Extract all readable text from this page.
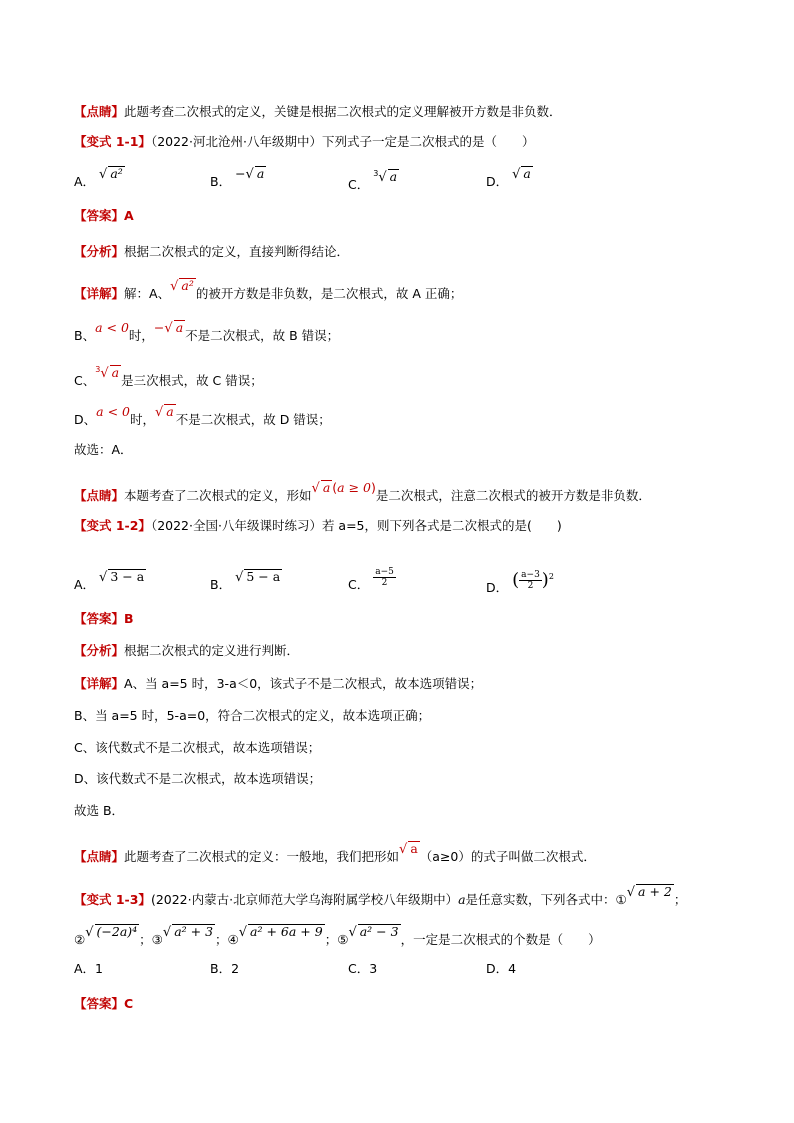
【点睛】此题考查二次根式的定义，关键是根据二次根式的定义理解被开方数是非负数．
【变式 1-1】（2022·河北沧州·八年级期中）下列式子一定是二次根式的是（　　）
A． √ a²
B． −√ a
C． $^3$√ a	D． √ a
【答案】A
【分析】根据二次根式的定义，直接判断得结论．
【详解】解：A、√ a²的被开方数是非负数，是二次根式，故 A 正确；
B、a < 0时，−√ a不是二次根式，故 B 错误；
C、$^3$√ a是三次根式，故 C 错误；
D、a < 0时，√ a不是二次根式，故 D 错误；
故选：A．
【点睛】本题考查了二次根式的定义，形如√ a (a ≥ 0)是二次根式，注意二次根式的被开方数是非负数．
【变式 1-2】（2022·全国·八年级课时练习）若 a=5，则下列各式是二次根式的是(　　)
A． √ 3 − a
B． √ 5 − a
C． $\frac{a-5}{2}$	D． ( $\frac{a-3}{2} )^2$
【答案】B
【分析】根据二次根式的定义进行判断．
【详解】A、当 a=5 时，3-a＜0，该式子不是二次根式，故本选项错误；
B、当 a=5 时，5-a=0，符合二次根式的定义，故本选项正确；
C、该代数式不是二次根式，故本选项错误；
D、该代数式不是二次根式，故本选项错误；
故选 B．
【点睛】此题考查了二次根式的定义：一般地，我们把形如√ a（a≥0）的式子叫做二次根式．
【变式 1-3】(2022·内蒙古·北京师范大学乌海附属学校八年级期中）a是任意实数，下列各式中：①√ a + 2；
②√ (−2a)⁴；③√ a² + 3；④√ a² + 6a + 9；⑤√ a² − 3，一定是二次根式的个数是（　　）
A．1	B．2	C．3	D．4
【答案】C
